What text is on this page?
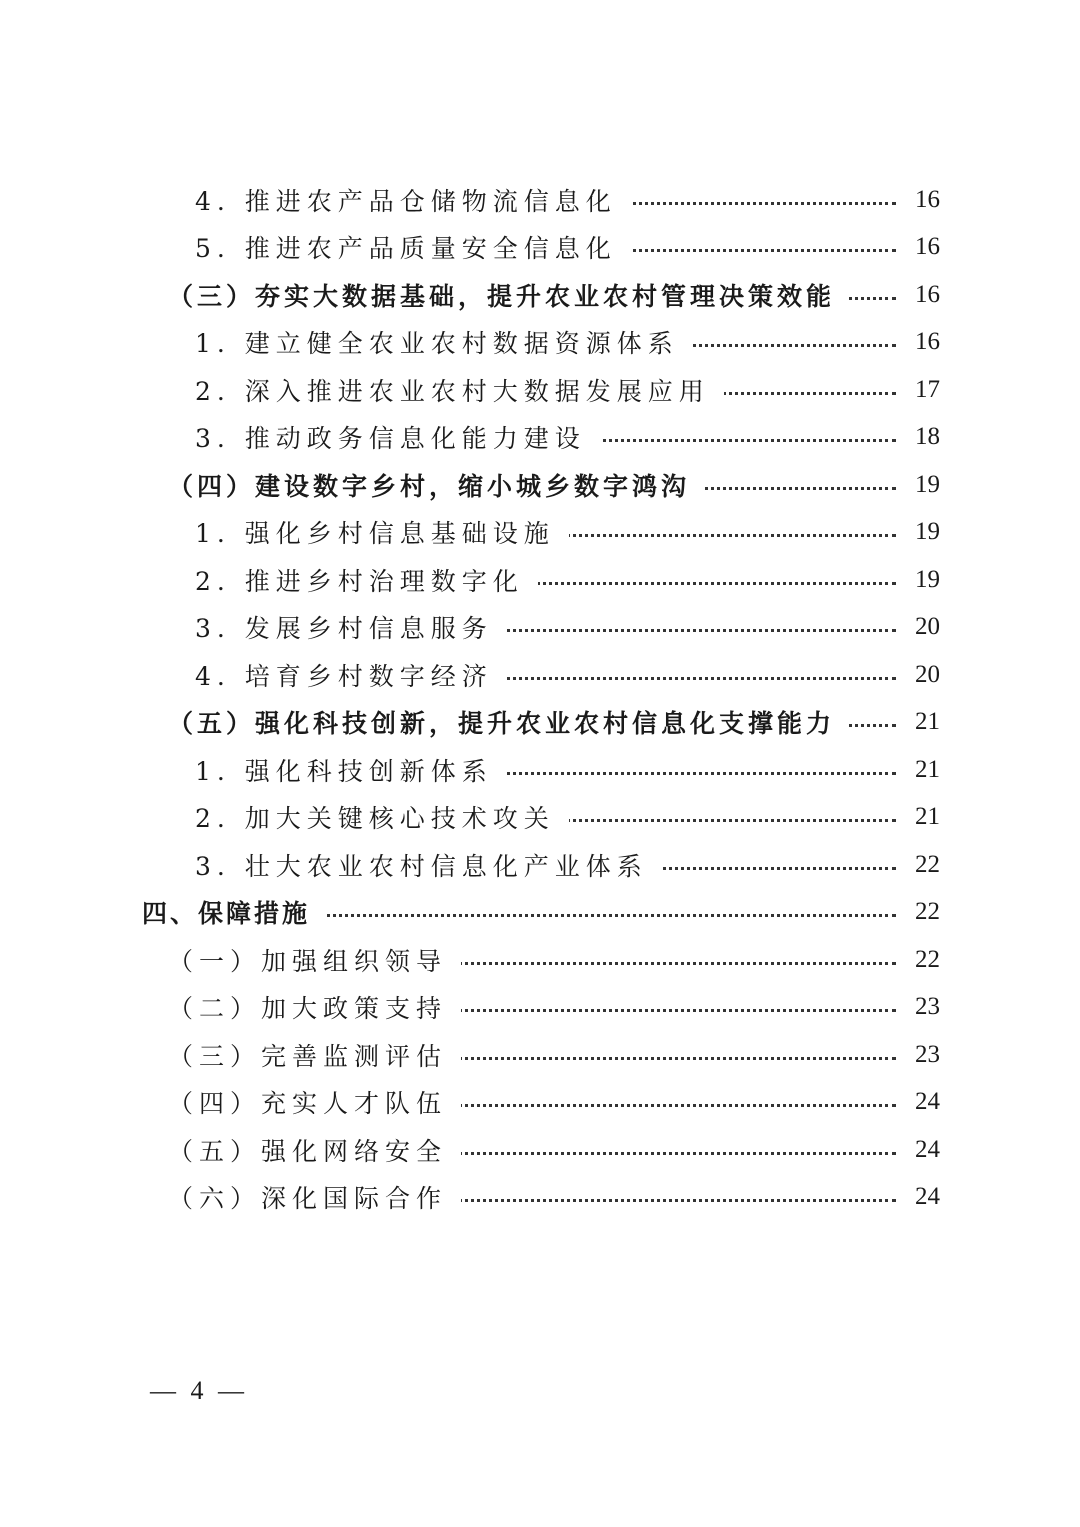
4. 推进农产品仓储物流信息化	16
5. 推进农产品质量安全信息化	16
（三）夯实大数据基础，提升农业农村管理决策效能	16
1. 建立健全农业农村数据资源体系	16
2. 深入推进农业农村大数据发展应用	17
3. 推动政务信息化能力建设	18
（四）建设数字乡村，缩小城乡数字鸿沟	19
1. 强化乡村信息基础设施	19
2. 推进乡村治理数字化	19
3. 发展乡村信息服务	20
4. 培育乡村数字经济	20
（五）强化科技创新，提升农业农村信息化支撑能力	21
1. 强化科技创新体系	21
2. 加大关键核心技术攻关	21
3. 壮大农业农村信息化产业体系	22
四、保障措施	22
（一）加强组织领导	22
（二）加大政策支持	23
（三）完善监测评估	23
（四）充实人才队伍	24
（五）强化网络安全	24
（六）深化国际合作	24
— 4 —
